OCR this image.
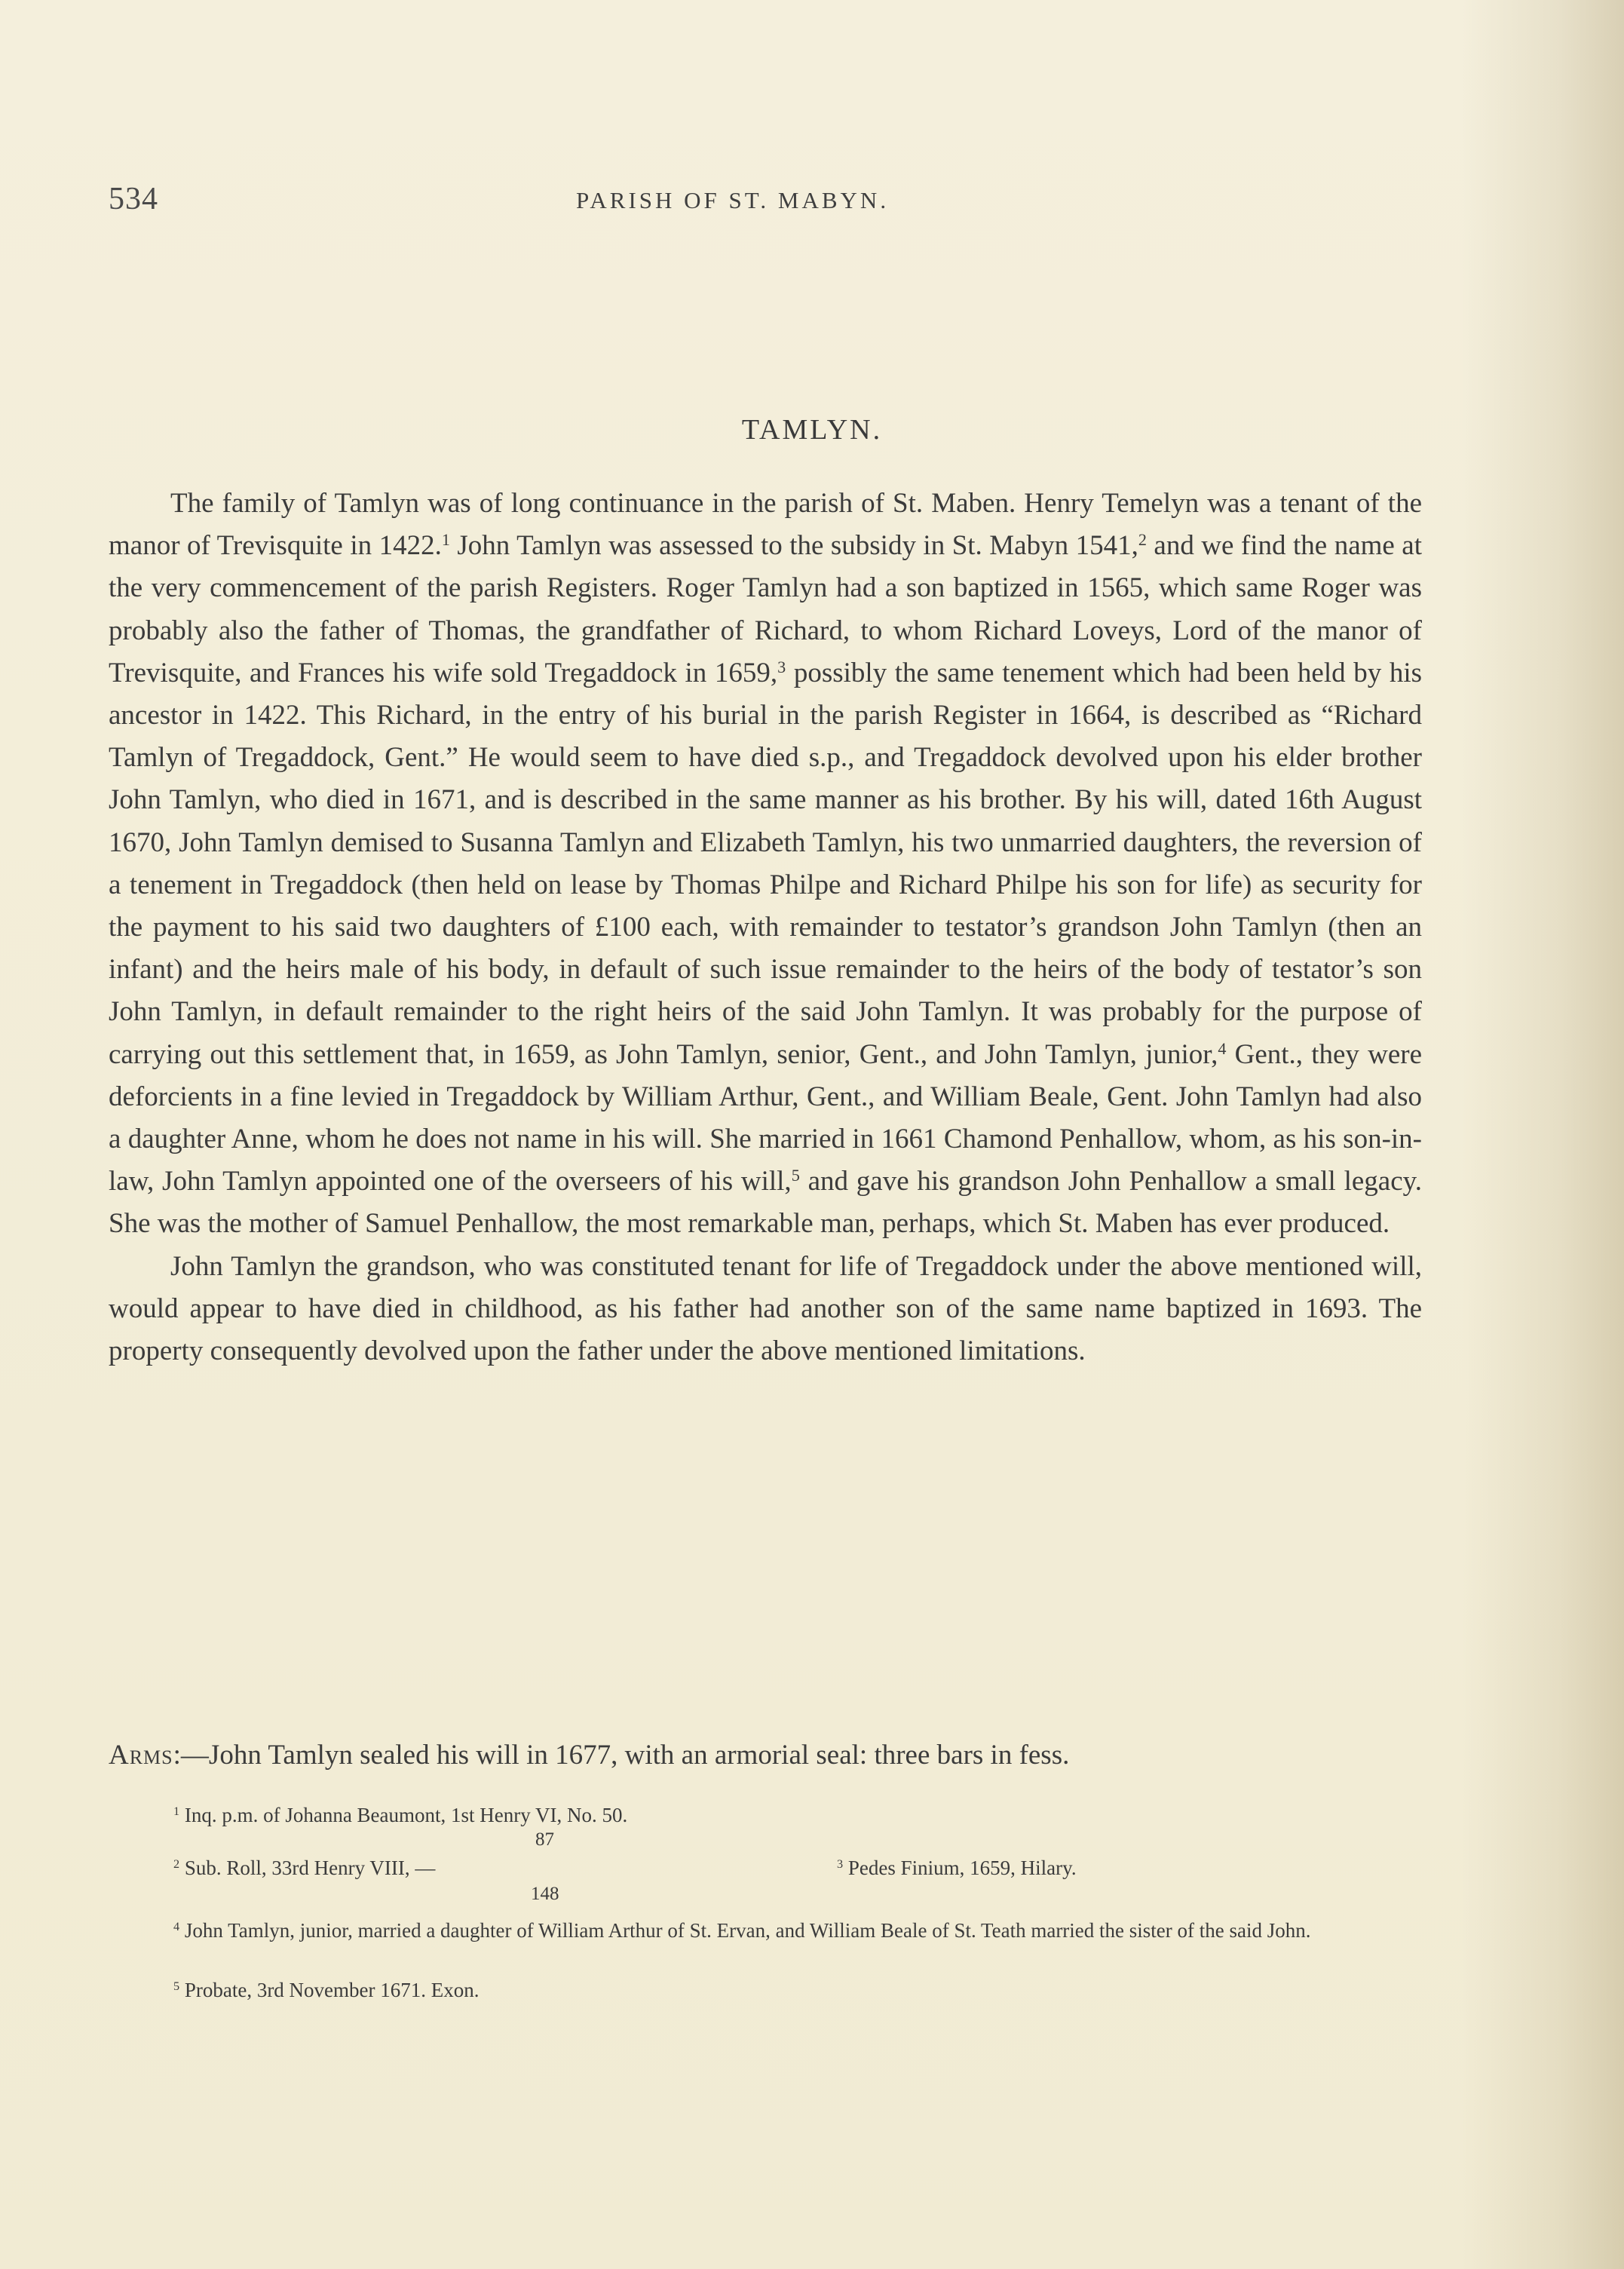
534	PARISH OF ST. MABYN.
TAMLYN.

The family of Tamlyn was of long continuance in the parish of St. Maben. Henry Temelyn was a tenant of the manor of Trevisquite in 1422.$^1$ John Tamlyn was assessed to the subsidy in St. Mabyn 1541,$^2$ and we find the name at the very commencement of the parish Registers. Roger Tamlyn had a son baptized in 1565, which same Roger was probably also the father of Thomas, the grandfather of Richard, to whom Richard Loveys, Lord of the manor of Trevisquite, and Frances his wife sold Tregaddock in 1659,$^3$ possibly the same tenement which had been held by his ancestor in 1422. This Richard, in the entry of his burial in the parish Register in 1664, is described as “Richard Tamlyn of Tregaddock, Gent.” He would seem to have died s.p., and Tregaddock devolved upon his elder brother John Tamlyn, who died in 1671, and is described in the same manner as his brother. By his will, dated 16th August 1670, John Tamlyn demised to Susanna Tamlyn and Elizabeth Tamlyn, his two unmarried daughters, the reversion of a tenement in Tregaddock (then held on lease by Thomas Philpe and Richard Philpe his son for life) as security for the payment to his said two daughters of £100 each, with remainder to testator’s grandson John Tamlyn (then an infant) and the heirs male of his body, in default of such issue remainder to the heirs of the body of testator’s son John Tamlyn, in default remainder to the right heirs of the said John Tamlyn. It was probably for the purpose of carrying out this settlement that, in 1659, as John Tamlyn, senior, Gent., and John Tamlyn, junior,$^4$ Gent., they were deforcients in a fine levied in Tregaddock by William Arthur, Gent., and William Beale, Gent. John Tamlyn had also a daughter Anne, whom he does not name in his will. She married in 1661 Chamond Penhallow, whom, as his son-in-law, John Tamlyn appointed one of the overseers of his will,$^5$ and gave his grandson John Penhallow a small legacy. She was the mother of Samuel Penhallow, the most remarkable man, perhaps, which St. Maben has ever produced.

John Tamlyn the grandson, who was constituted tenant for life of Tregaddock under the above mentioned will, would appear to have died in childhood, as his father had another son of the same name baptized in 1693. The property consequently devolved upon the father under the above mentioned limitations.

Arms:—John Tamlyn sealed his will in 1677, with an armorial seal: three bars in fess.
$^1$ Inq. p.m. of Johanna Beaumont, 1st Henry VI, No. 50.
87
$^2$ Sub. Roll, 33rd Henry VIII, —
148
$^3$ Pedes Finium, 1659, Hilary.
$^4$ John Tamlyn, junior, married a daughter of William Arthur of St. Ervan, and William Beale of St. Teath married the sister of the said John.
$^5$ Probate, 3rd November 1671. Exon.
